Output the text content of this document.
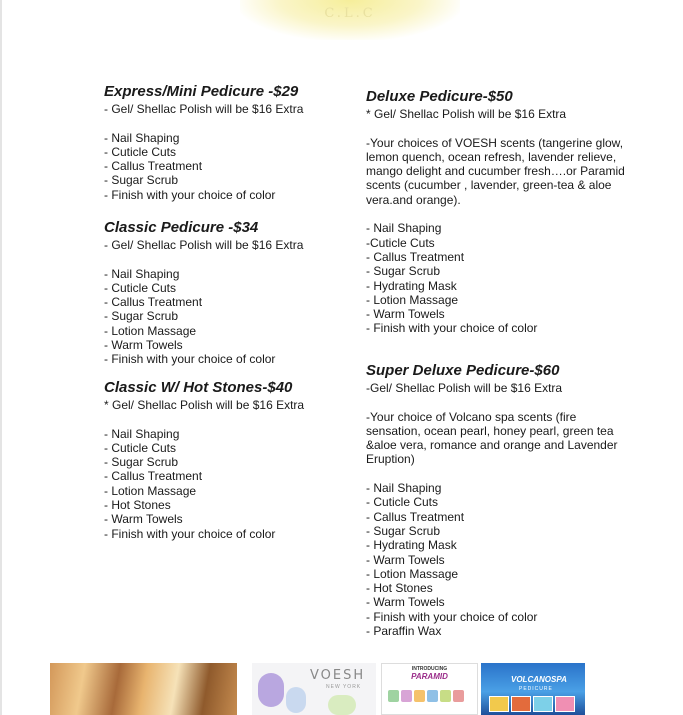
C.L.C
Express/Mini Pedicure -$29

- Gel/ Shellac Polish will be $16 Extra

- Nail Shaping
- Cuticle Cuts
- Callus Treatment
- Sugar Scrub
- Finish with your choice of color
Classic Pedicure -$34

- Gel/ Shellac Polish will be $16 Extra

- Nail Shaping
- Cuticle Cuts
- Callus Treatment
- Sugar Scrub
- Lotion Massage
- Warm Towels
- Finish with your choice of color
Classic W/ Hot Stones-$40

* Gel/ Shellac Polish will be $16 Extra

- Nail Shaping
- Cuticle Cuts
- Sugar Scrub
- Callus Treatment
- Lotion Massage
- Hot Stones
- Warm Towels
- Finish with your choice of color
Deluxe Pedicure-$50

* Gel/ Shellac Polish will be $16 Extra

-Your choices of VOESH scents (tangerine glow, lemon quench, ocean refresh, lavender relieve, mango delight and cucumber fresh….or Paramid scents (cucumber , lavender, green-tea & aloe vera.and orange).

- Nail Shaping
-Cuticle Cuts
- Callus Treatment
- Sugar Scrub
- Hydrating Mask
- Lotion Massage
- Warm Towels
- Finish with your choice of color
Super Deluxe Pedicure-$60

-Gel/ Shellac Polish will be $16 Extra

-Your choice of Volcano spa scents (fire sensation, ocean pearl, honey pearl, green tea &aloe vera, romance and orange and Lavender Eruption)

- Nail Shaping
- Cuticle Cuts
- Callus Treatment
- Sugar Scrub
- Hydrating Mask
- Warm Towels
- Lotion Massage
- Hot Stones
- Warm Towels
- Finish with your choice of color
- Paraffin Wax
VOESH
NEW YORK
INTRODUCING
PARAMID	VOLCANOSPA
PEDICURE
